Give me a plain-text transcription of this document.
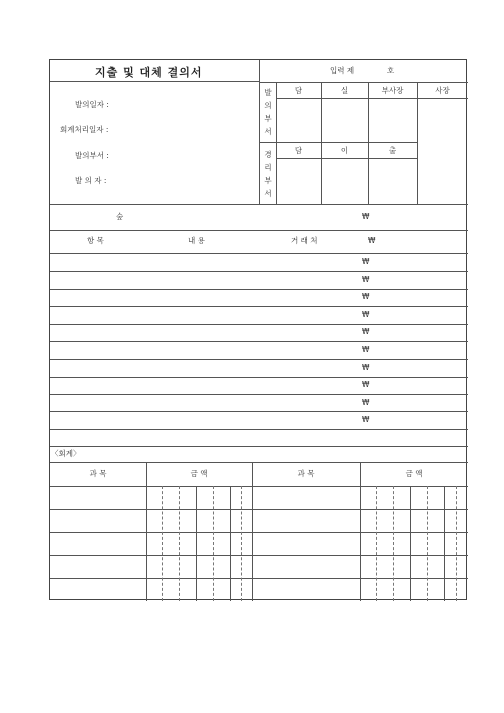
지출 및 대체 결의서	입력 제	호
발의일자 :
회계처리일자 :
발의부서 :
발 의 자 :
발
의
부
서
경
리
부
서
담	실	부사장	사장
담	이	출
숲	₩
항 목	내 용	거 래 처	₩
₩
₩
₩
₩
₩
₩
₩
₩
₩
₩
〈회계〉
과 목	금 액	과 목	금 액
